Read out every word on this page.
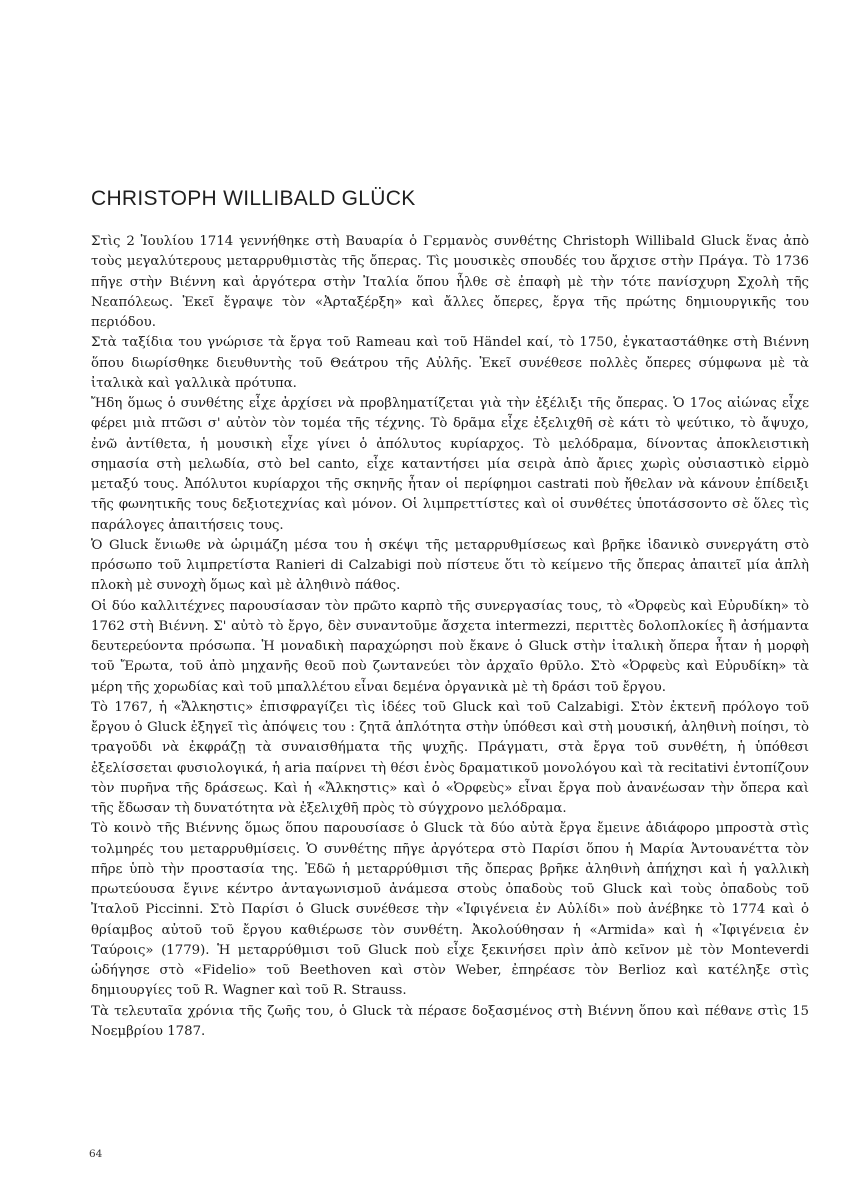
CHRISTOPH WILLIBALD GLÜCK

Στὶς 2 Ἰουλίου 1714 γεννήθηκε στὴ Βαυαρία ὁ Γερμανὸς συνθέτης Christoph Willibald Gluck ἕνας ἀπὸ τοὺς μεγαλύτερους μεταρρυθμιστὰς τῆς ὄπερας. Τὶς μουσικὲς σπουδές του ἄρχισε στὴν Πράγα. Τὸ 1736 πῆγε στὴν Βιέννη καὶ ἀργότερα στὴν Ἰταλία ὅπου ἦλθε σὲ ἐπαφὴ μὲ τὴν τότε πανίσχυρη Σχολὴ τῆς Νεαπόλεως. Ἐκεῖ ἔγραψε τὸν «Ἀρταξέρξη» καὶ ἄλλες ὄπερες, ἔργα τῆς πρώτης δημιουργικῆς του περιόδου.

Στὰ ταξίδια του γνώρισε τὰ ἔργα τοῦ Rameau καὶ τοῦ Händel καί, τὸ 1750, ἐγκαταστάθηκε στὴ Βιέννη ὅπου διωρίσθηκε διευθυντὴς τοῦ Θεάτρου τῆς Αὐλῆς. Ἐκεῖ συνέθεσε πολλὲς ὄπερες σύμφωνα μὲ τὰ ἰταλικὰ καὶ γαλλικὰ πρότυπα.

Ἤδη ὅμως ὁ συνθέτης εἶχε ἀρχίσει νὰ προβληματίζεται γιὰ τὴν ἐξέλιξι τῆς ὄπερας. Ὁ 17ος αἰώνας εἶχε φέρει μιὰ πτῶσι σ' αὐτὸν τὸν τομέα τῆς τέχνης. Τὸ δρᾶμα εἶχε ἐξελιχθῆ σὲ κάτι τὸ ψεύτικο, τὸ ἄψυχο, ἐνῶ ἀντίθετα, ἡ μουσικὴ εἶχε γίνει ὁ ἀπόλυτος κυρίαρχος. Τὸ μελόδραμα, δίνοντας ἀποκλειστικὴ σημασία στὴ μελωδία, στὸ bel canto, εἶχε καταντήσει μία σειρὰ ἀπὸ ἄριες χωρὶς οὐσιαστικὸ εἱρμὸ μεταξύ τους. Ἀπόλυτοι κυρίαρχοι τῆς σκηνῆς ἦταν οἱ περίφημοι castrati ποὺ ἤθελαν νὰ κάνουν ἐπίδειξι τῆς φωνητικῆς τους δεξιοτεχνίας καὶ μόνον. Οἱ λιμπρεττίστες καὶ οἱ συνθέτες ὑποτάσσοντο σὲ ὅλες τὶς παράλογες ἀπαιτήσεις τους.

Ὁ Gluck ἔνιωθε νὰ ὡριμάζη μέσα του ἡ σκέψι τῆς μεταρρυθμίσεως καὶ βρῆκε ἰδανικὸ συνεργάτη στὸ πρόσωπο τοῦ λιμπρετίστα Ranieri di Calzabigi ποὺ πίστευε ὅτι τὸ κείμενο τῆς ὄπερας ἀπαιτεῖ μία ἁπλὴ πλοκὴ μὲ συνοχὴ ὅμως καὶ μὲ ἀληθινὸ πάθος.

Οἱ δύο καλλιτέχνες παρουσίασαν τὸν πρῶτο καρπὸ τῆς συνεργασίας τους, τὸ «Ὀρφεὺς καὶ Εὐρυδίκη» τὸ 1762 στὴ Βιέννη. Σ' αὐτὸ τὸ ἔργο, δὲν συναντοῦμε ἄσχετα intermezzi, περιττὲς δολοπλοκίες ἢ ἀσήμαντα δευτερεύοντα πρόσωπα. Ἡ μοναδικὴ παραχώρησι ποὺ ἔκανε ὁ Gluck στὴν ἰταλικὴ ὄπερα ἦταν ἡ μορφὴ τοῦ Ἔρωτα, τοῦ ἀπὸ μηχανῆς θεοῦ ποὺ ζωντανεύει τὸν ἀρχαῖο θρῦλο. Στὸ «Ὀρφεὺς καὶ Εὐρυδίκη» τὰ μέρη τῆς χορωδίας καὶ τοῦ μπαλλέτου εἶναι δεμένα ὀργανικὰ μὲ τὴ δράσι τοῦ ἔργου.

Τὸ 1767, ἡ «Ἄλκηστις» ἐπισφραγίζει τὶς ἰδέες τοῦ Gluck καὶ τοῦ Calzabigi. Στὸν ἐκτενῆ πρόλογο τοῦ ἔργου ὁ Gluck ἐξηγεῖ τὶς ἀπόψεις του : ζητᾶ ἁπλότητα στὴν ὑπόθεσι καὶ στὴ μουσική, ἀληθινὴ ποίησι, τὸ τραγοῦδι νὰ ἐκφράζῃ τὰ συναισθήματα τῆς ψυχῆς. Πράγματι, στὰ ἔργα τοῦ συνθέτη, ἡ ὑπόθεσι ἐξελίσσεται φυσιολογικά, ἡ aria παίρνει τὴ θέσι ἑνὸς δραματικοῦ μονολόγου καὶ τὰ recitativi ἐντοπίζουν τὸν πυρῆνα τῆς δράσεως. Καὶ ἡ «Ἄλκηστις» καὶ ὁ «Ὀρφεὺς» εἶναι ἔργα ποὺ ἀνανέωσαν τὴν ὄπερα καὶ τῆς ἔδωσαν τὴ δυνατότητα νὰ ἐξελιχθῆ πρὸς τὸ σύγχρονο μελόδραμα.

Τὸ κοινὸ τῆς Βιέννης ὅμως ὅπου παρουσίασε ὁ Gluck τὰ δύο αὐτὰ ἔργα ἔμεινε ἀδιάφορο μπροστὰ στὶς τολμηρές του μεταρρυθμίσεις. Ὁ συνθέτης πῆγε ἀργότερα στὸ Παρίσι ὅπου ἡ Μαρία Ἀντουανέττα τὸν πῆρε ὑπὸ τὴν προστασία της. Ἐδῶ ἡ μεταρρύθμισι τῆς ὄπερας βρῆκε ἀληθινὴ ἀπήχησι καὶ ἡ γαλλικὴ πρωτεύουσα ἔγινε κέντρο ἀνταγωνισμοῦ ἀνάμεσα στοὺς ὀπαδοὺς τοῦ Gluck καὶ τοὺς ὀπαδοὺς τοῦ Ἰταλοῦ Piccinni. Στὸ Παρίσι ὁ Gluck συνέθεσε τὴν «Ἰφιγένεια ἐν Αὐλίδι» ποὺ ἀνέβηκε τὸ 1774 καὶ ὁ θρίαμβος αὐτοῦ τοῦ ἔργου καθιέρωσε τὸν συνθέτη. Ἀκολούθησαν ἡ «Armida» καὶ ἡ «Ἰφιγένεια ἐν Ταύροις» (1779). Ἡ μεταρρύθμισι τοῦ Gluck ποὺ εἶχε ξεκινήσει πρὶν ἀπὸ κεῖνον μὲ τὸν Monteverdi ὡδήγησε στὸ «Fidelio» τοῦ Beethoven καὶ στὸν Weber, ἐπηρέασε τὸν Berlioz καὶ κατέληξε στὶς δημιουργίες τοῦ R. Wagner καὶ τοῦ R. Strauss.

Τὰ τελευταῖα χρόνια τῆς ζωῆς του, ὁ Gluck τὰ πέρασε δοξασμένος στὴ Βιέννη ὅπου καὶ πέθανε στὶς 15 Νοεμβρίου 1787.

64
